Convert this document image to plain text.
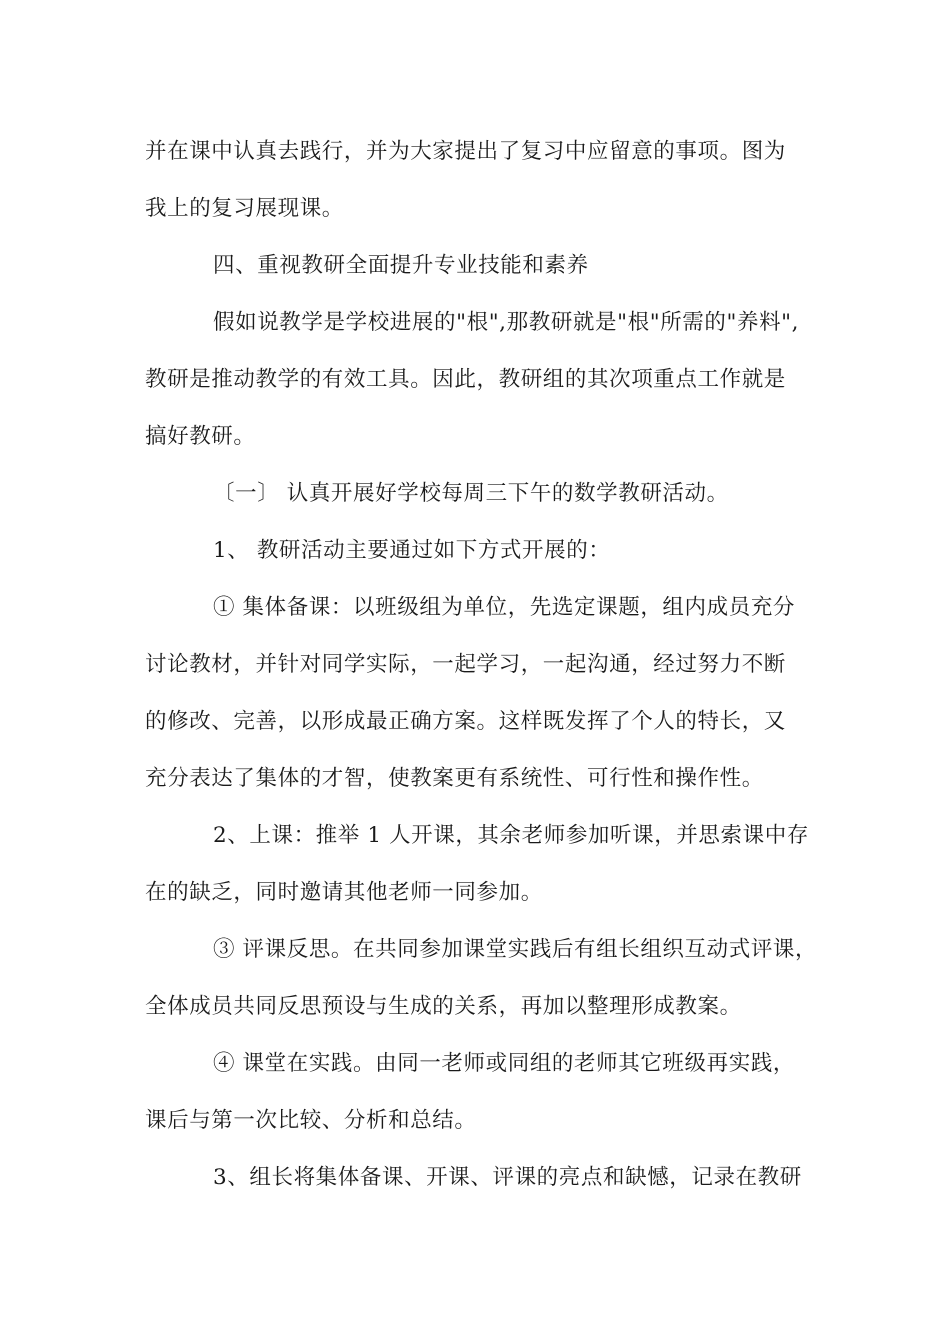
并在课中认真去践行，并为大家提出了复习中应留意的事项。图为
我上的复习展现课。
四、重视教研全面提升专业技能和素养
假如说教学是学校进展的"根",那教研就是"根"所需的"养料",
教研是推动教学的有效工具。因此，教研组的其次项重点工作就是
搞好教研。
〔一〕 认真开展好学校每周三下午的数学教研活动。
1、 教研活动主要通过如下方式开展的：
① 集体备课：以班级组为单位，先选定课题，组内成员充分
讨论教材，并针对同学实际，一起学习，一起沟通，经过努力不断
的修改、完善，以形成最正确方案。这样既发挥了个人的特长，又
充分表达了集体的才智，使教案更有系统性、可行性和操作性。
2、上课：推举 1 人开课，其余老师参加听课，并思索课中存
在的缺乏，同时邀请其他老师一同参加。
③ 评课反思。在共同参加课堂实践后有组长组织互动式评课，
全体成员共同反思预设与生成的关系，再加以整理形成教案。
④ 课堂在实践。由同一老师或同组的老师其它班级再实践，
课后与第一次比较、分析和总结。
3、组长将集体备课、开课、评课的亮点和缺憾，记录在教研
